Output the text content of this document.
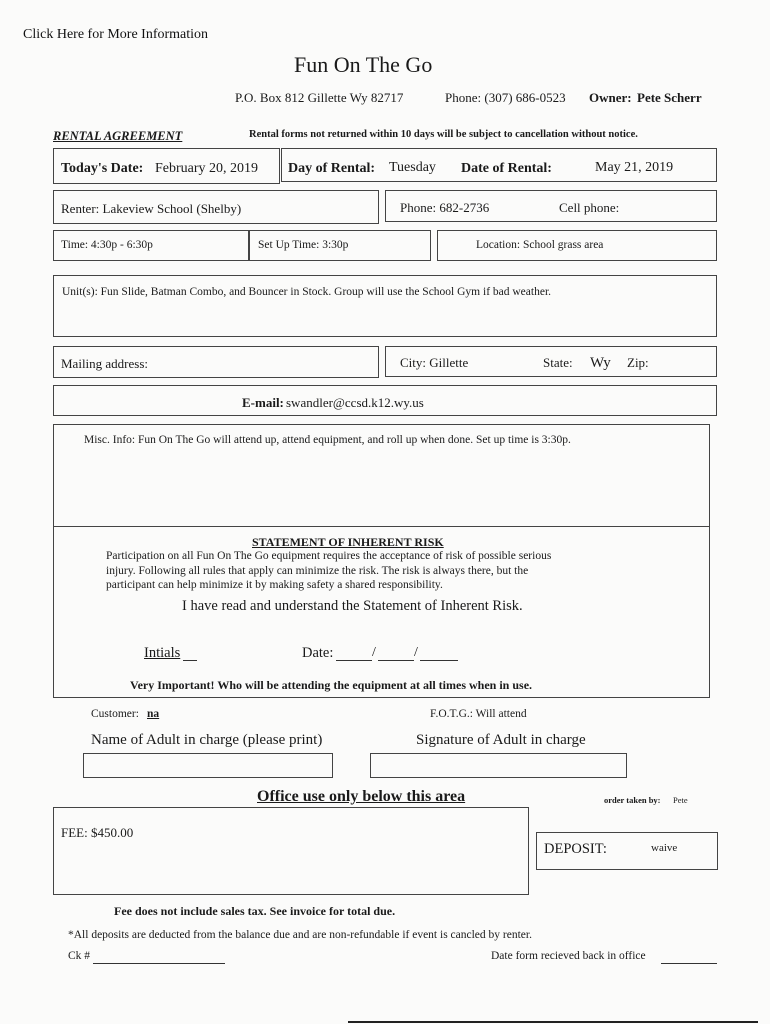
Click Here for More Information
Fun On The Go
P.O. Box 812 Gillette Wy 82717	Phone: (307) 686-0523 Owner: Pete Scherr
RENTAL AGREEMENT	Rental forms not returned within 10 days will be subject to cancellation without notice.
Today's Date: February 20, 2019 Day of Rental: Tuesday Date of Rental:	May 21, 2019
Renter: Lakeview School (Shelby)	Phone: 682-2736	Cell phone:
Time: 4:30p - 6:30p	Set Up Time: 3:30p	Location: School grass area
Unit(s): Fun Slide, Batman Combo, and Bouncer in Stock. Group will use the School Gym if bad weather.
Mailing address:	City: Gillette	State: Wy Zip:
E-mail: swandler@ccsd.k12.wy.us
Misc. Info: Fun On The Go will attend up, attend equipment, and roll up when done. Set up time is 3:30p.
STATEMENT OF INHERENT RISK
Participation on all Fun On The Go equipment requires the acceptance of risk of possible serious
injury. Following all rules that apply can minimize the risk. The risk is always there, but the
participant can help minimize it by making safety a shared responsibility.
I have read and understand the Statement of Inherent Risk.
Intials	Date:	/	/
Very Important! Who will be attending the equipment at all times when in use.
Customer: na	F.O.T.G.: Will attend
Name of Adult in charge (please print)	Signature of Adult in charge
Office use only below this area	order taken by: Pete
FEE: $450.00
DEPOSIT:	waive
Fee does not include sales tax. See invoice for total due.
*All deposits are deducted from the balance due and are non-refundable if event is cancled by renter.
Ck #	Date form recieved back in office
